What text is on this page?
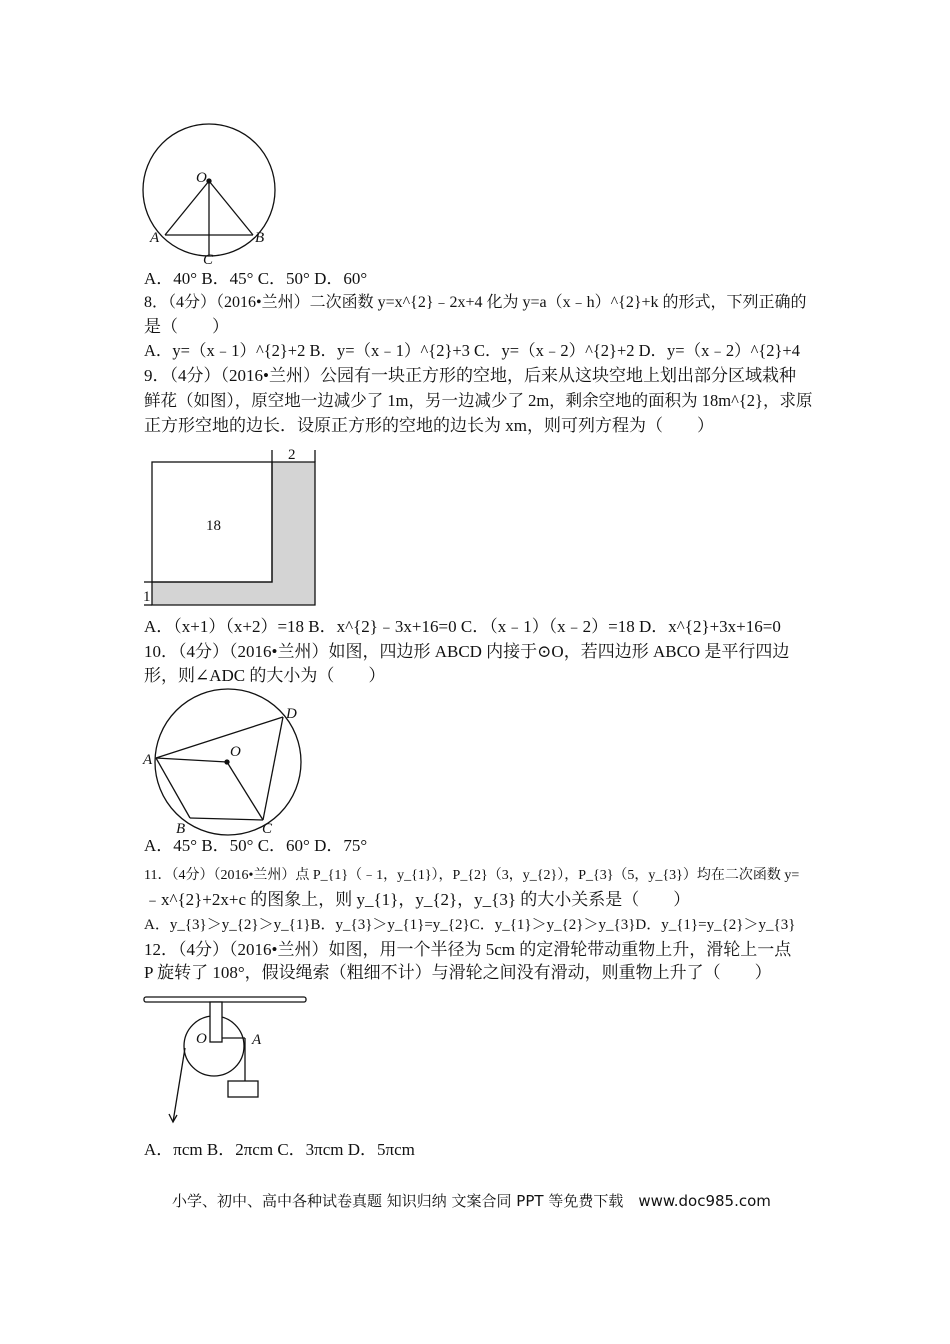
A．40° B．45° C．50° D．60°
8．（4分）（2016•兰州）二次函数 y=x^{2}﹣2x+4 化为 y=a（x﹣h）^{2}+k 的形式，下列正确的
是（　　）
A．y=（x﹣1）^{2}+2 B．y=（x﹣1）^{2}+3 C．y=（x﹣2）^{2}+2 D．y=（x﹣2）^{2}+4
9．（4分）（2016•兰州）公园有一块正方形的空地，后来从这块空地上划出部分区域栽种
鲜花（如图），原空地一边减少了 1m，另一边减少了 2m，剩余空地的面积为 18m^{2}，求原
正方形空地的边长．设原正方形的空地的边长为 xm，则可列方程为（　　）
A．（x+1）（x+2）=18 B．x^{2}﹣3x+16=0 C．（x﹣1）（x﹣2）=18 D．x^{2}+3x+16=0
10．（4分）（2016•兰州）如图，四边形 ABCD 内接于⊙O，若四边形 ABCO 是平行四边
形，则∠ADC 的大小为（　　）
A．45° B．50° C．60° D．75°
11．（4分）（2016•兰州）点 P_{1}（﹣1，y_{1}），P_{2}（3，y_{2}），P_{3}（5，y_{3}）均在二次函数 y=
﹣x^{2}+2x+c 的图象上，则 y_{1}，y_{2}，y_{3} 的大小关系是（　　）
A．y_{3}＞y_{2}＞y_{1}B．y_{3}＞y_{1}=y_{2}C．y_{1}＞y_{2}＞y_{3}D．y_{1}=y_{2}＞y_{3}
12．（4分）（2016•兰州）如图，用一个半径为 5cm 的定滑轮带动重物上升，滑轮上一点
P 旋转了 108°，假设绳索（粗细不计）与滑轮之间没有滑动，则重物上升了（　　）
A．πcm B．2πcm C．3πcm D．5πcm
O
A	B
C
18
2
1
O
A
B	C
D
O	A
小学、初中、高中各种试卷真题 知识归纳 文案合同 PPT 等免费下载　www.doc985.com
